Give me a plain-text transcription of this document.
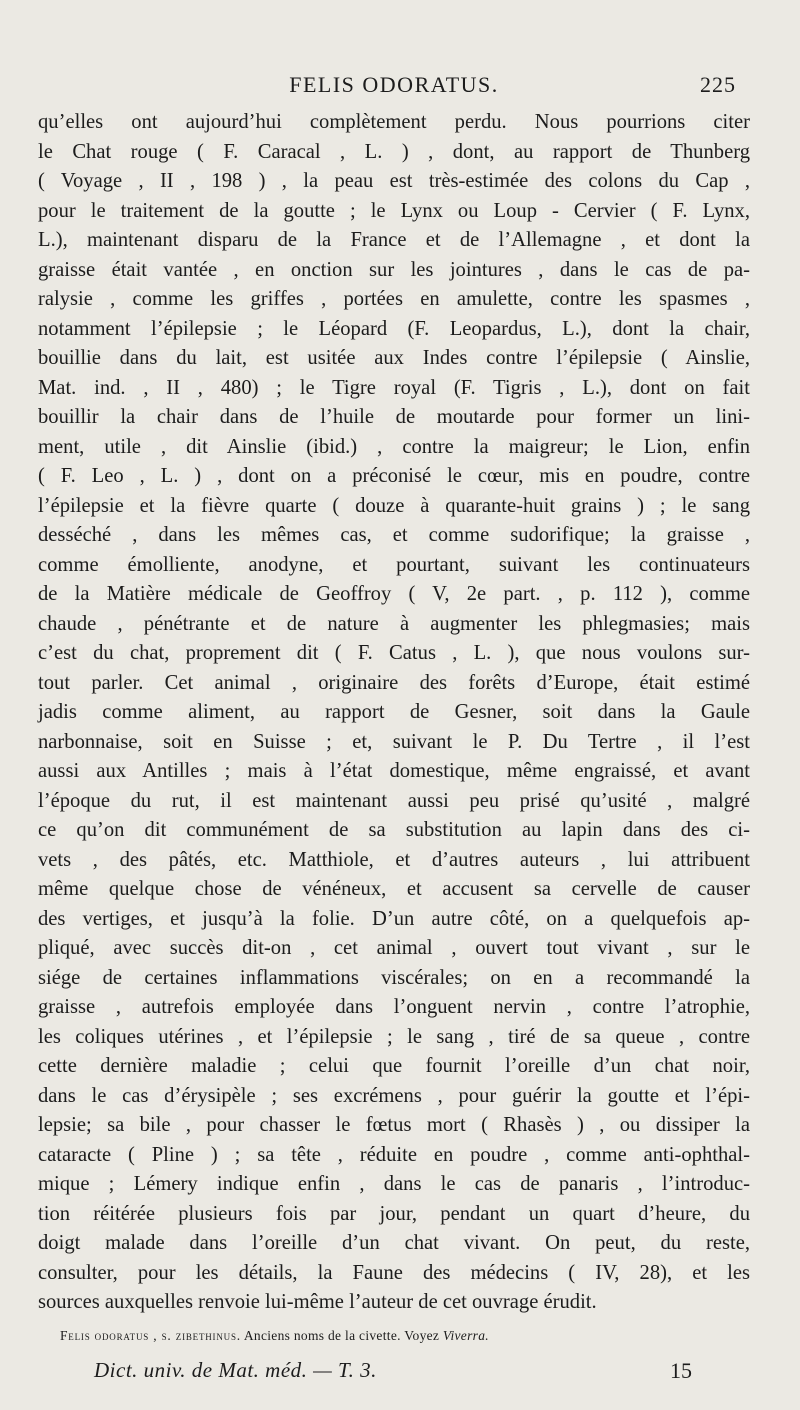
FELIS ODORATUS.	225
qu’elles ont aujourd’hui complètement perdu. Nous pourrions citer
le Chat rouge ( F. Caracal , L. ) , dont, au rapport de Thunberg
( Voyage , II , 198 ) , la peau est très-estimée des colons du Cap ,
pour le traitement de la goutte ; le Lynx ou Loup - Cervier ( F. Lynx,
L.), maintenant disparu de la France et de l’Allemagne , et dont la
graisse était vantée , en onction sur les jointures , dans le cas de pa-
ralysie , comme les griffes , portées en amulette, contre les spasmes ,
notamment l’épilepsie ; le Léopard (F. Leopardus, L.), dont la chair,
bouillie dans du lait, est usitée aux Indes contre l’épilepsie ( Ainslie,
Mat. ind. , II , 480) ; le Tigre royal (F. Tigris , L.), dont on fait
bouillir la chair dans de l’huile de moutarde pour former un lini-
ment, utile , dit Ainslie (ibid.) , contre la maigreur; le Lion, enfin
( F. Leo , L. ) , dont on a préconisé le cœur, mis en poudre, contre
l’épilepsie et la fièvre quarte ( douze à quarante-huit grains ) ; le sang
desséché , dans les mêmes cas, et comme sudorifique; la graisse ,
comme émolliente, anodyne, et pourtant, suivant les continuateurs
de la Matière médicale de Geoffroy ( V, 2e part. , p. 112 ), comme
chaude , pénétrante et de nature à augmenter les phlegmasies; mais
c’est du chat, proprement dit ( F. Catus , L. ), que nous voulons sur-
tout parler. Cet animal , originaire des forêts d’Europe, était estimé
jadis comme aliment, au rapport de Gesner, soit dans la Gaule
narbonnaise, soit en Suisse ; et, suivant le P. Du Tertre , il l’est
aussi aux Antilles ; mais à l’état domestique, même engraissé, et avant
l’époque du rut, il est maintenant aussi peu prisé qu’usité , malgré
ce qu’on dit communément de sa substitution au lapin dans des ci-
vets , des pâtés, etc. Matthiole, et d’autres auteurs , lui attribuent
même quelque chose de vénéneux, et accusent sa cervelle de causer
des vertiges, et jusqu’à la folie. D’un autre côté, on a quelquefois ap-
pliqué, avec succès dit-on , cet animal , ouvert tout vivant , sur le
siége de certaines inflammations viscérales; on en a recommandé la
graisse , autrefois employée dans l’onguent nervin , contre l’atrophie,
les coliques utérines , et l’épilepsie ; le sang , tiré de sa queue , contre
cette dernière maladie ; celui que fournit l’oreille d’un chat noir,
dans le cas d’érysipèle ; ses excrémens , pour guérir la goutte et l’épi-
lepsie; sa bile , pour chasser le fœtus mort ( Rhasès ) , ou dissiper la
cataracte ( Pline ) ; sa tête , réduite en poudre , comme anti-ophthal-
mique ; Lémery indique enfin , dans le cas de panaris , l’introduc-
tion réitérée plusieurs fois par jour, pendant un quart d’heure, du
doigt malade dans l’oreille d’un chat vivant. On peut, du reste,
consulter, pour les détails, la Faune des médecins ( IV, 28), et les
sources auxquelles renvoie lui-même l’auteur de cet ouvrage érudit.
Felis odoratus , s. zibethinus. Anciens noms de la civette. Voyez Viverra.
Dict. univ. de Mat. méd. — T. 3.	15
